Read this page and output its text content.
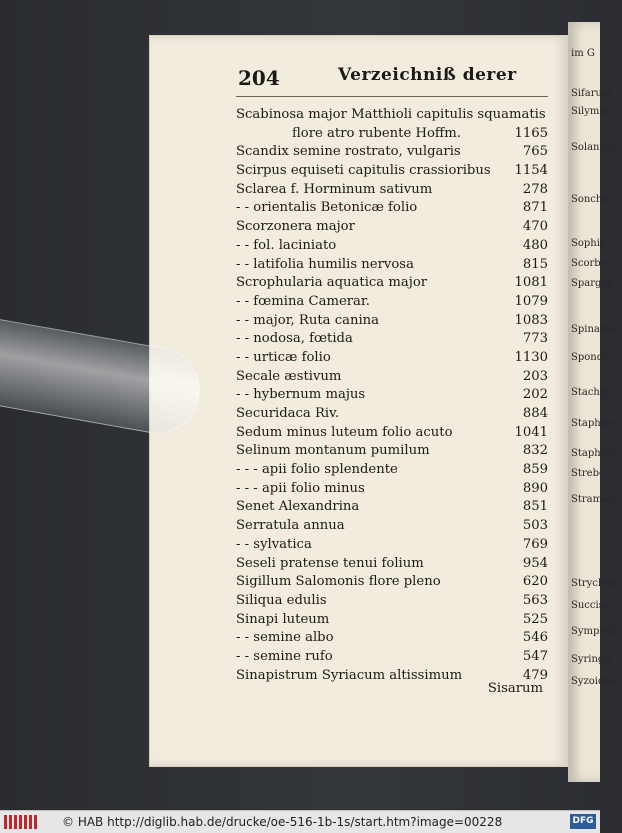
204	Verzeichniß derer
Scabinosa major Matthioli capitulis squamatis
flore atro rubente Hoffm.	1165
Scandix semine rostrato, vulgaris	765
Scirpus equiseti capitulis crassioribus 1154
Sclarea f. Horminum sativum	278
- - orientalis Betonicæ folio	871
Scorzonera major	470
- - fol. laciniato	480
- - latifolia humilis nervosa	815
Scrophularia aquatica major	1081
- - fœmina Camerar.	1079
- - major, Ruta canina	1083
- - nodosa, fœtida	773
- - urticæ folio	1130
Secale æstivum	203
- - hybernum majus	202
Securidaca Riv.	884
Sedum minus luteum folio acuto	1041
Selinum montanum pumilum	832
- - - apii folio splendente	859
- - - apii folio minus	890
Senet Alexandrina	851
Serratula annua	503
- - sylvatica	769
Seseli pratense tenui folium	954
Sigillum Salomonis flore pleno	620
Siliqua edulis	563
Sinapi luteum	525
- - semine albo	546
- - semine rufo	547
Sinapistrum Syriacum altissimum	479
Sisarum
im G
Sifarum
Silymbri
Solanum
Sonchus
Sophia
Scorbus
Spargan
Spinacia
Spondil
Stachys
Staphiso
Staphylo
Strebe
Stramon
Strychno
Succisa
Symphyto
Syringa
Syzoides
© HAB http://diglib.hab.de/drucke/oe-516-1b-1s/start.htm?image=00228	DFG
